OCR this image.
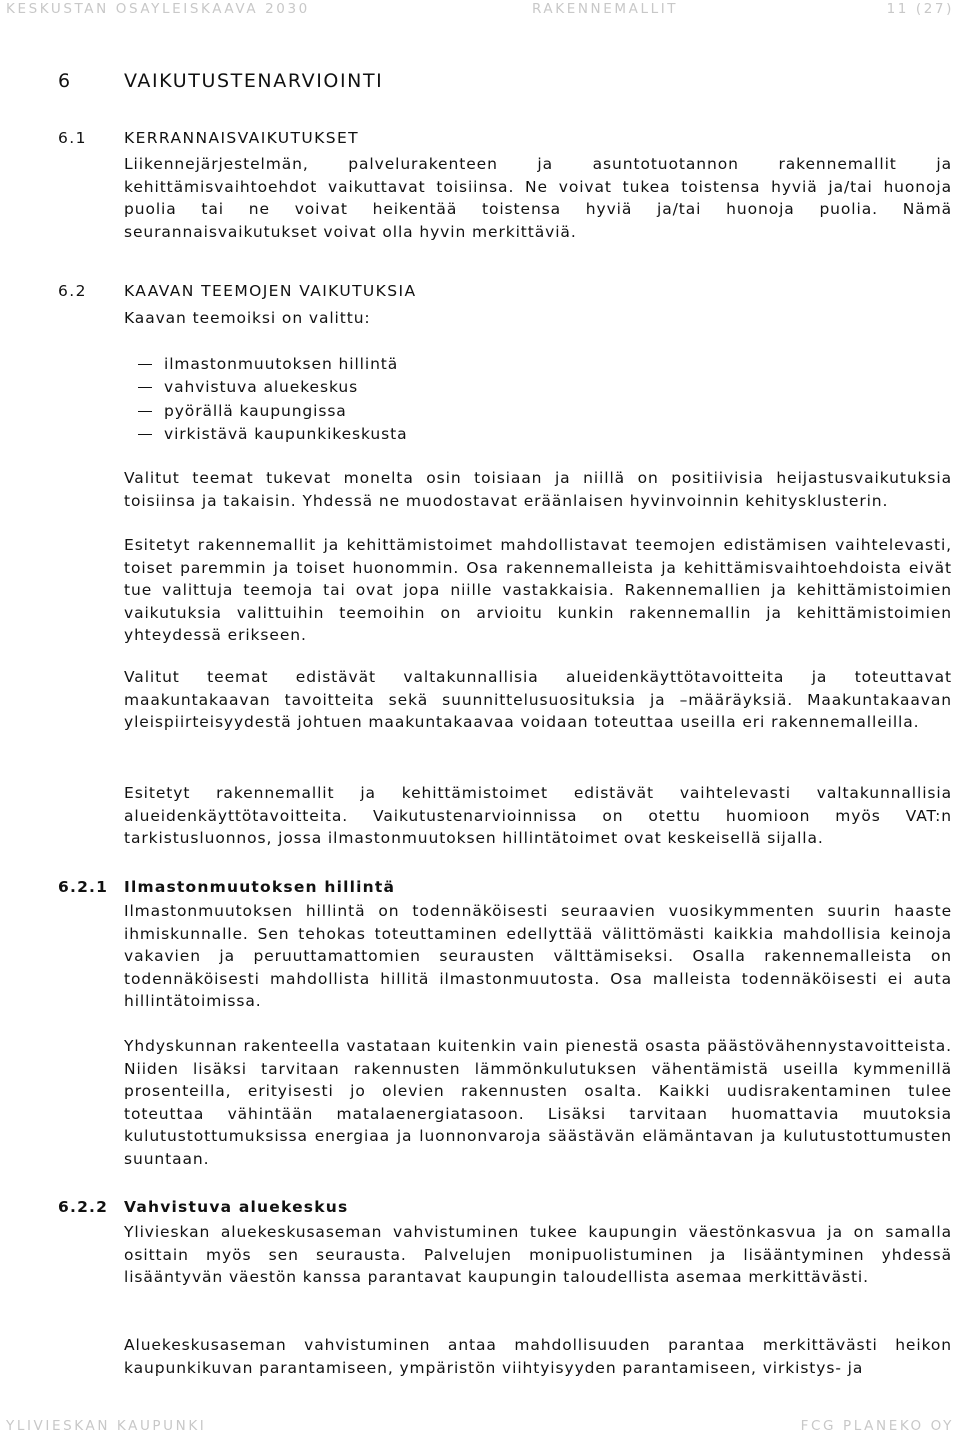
KESKUSTAN OSAYLEISKAAVA 2030	RAKENNEMALLIT	11 (27)
6	VAIKUTUSTENARVIOINTI
6.1 KERRANNAISVAIKUTUKSET

Liikennejärjestelmän, palvelurakenteen ja asuntotuotannon rakennemallit ja kehittämisvaihtoehdot vaikuttavat toisiinsa. Ne voivat tukea toistensa hyviä ja/tai huonoja puolia tai ne voivat heikentää toistensa hyviä ja/tai huonoja puolia. Nämä seurannaisvaikutukset voivat olla hyvin merkittäviä.

6.2 KAAVAN TEEMOJEN VAIKUTUKSIA

Kaavan teemoiksi on valittu:

ilmastonmuutoksen hillintä
vahvistuva aluekeskus
pyörällä kaupungissa
virkistävä kaupunkikeskusta

Valitut teemat tukevat monelta osin toisiaan ja niillä on positiivisia heijastusvaikutuksia toisiinsa ja takaisin. Yhdessä ne muodostavat eräänlaisen hyvinvoinnin kehitysklusterin.

Esitetyt rakennemallit ja kehittämistoimet mahdollistavat teemojen edistämisen vaihtelevasti, toiset paremmin ja toiset huonommin. Osa rakennemalleista ja kehittämisvaihtoehdoista eivät tue valittuja teemoja tai ovat jopa niille vastakkaisia. Rakennemallien ja kehittämistoimien vaikutuksia valittuihin teemoihin on arvioitu kunkin rakennemallin ja kehittämistoimien yhteydessä erikseen.

Valitut teemat edistävät valtakunnallisia alueidenkäyttötavoitteita ja toteuttavat maakuntakaavan tavoitteita sekä suunnittelusuosituksia ja –määräyksiä. Maakuntakaavan yleispiirteisyydestä johtuen maakuntakaavaa voidaan toteuttaa useilla eri rakennemalleilla.

Esitetyt rakennemallit ja kehittämistoimet edistävät vaihtelevasti valtakunnallisia alueidenkäyttötavoitteita. Vaikutustenarvioinnissa on otettu huomioon myös VAT:n tarkistusluonnos, jossa ilmastonmuutoksen hillintätoimet ovat keskeisellä sijalla.

6.2.1 Ilmastonmuutoksen hillintä

Ilmastonmuutoksen hillintä on todennäköisesti seuraavien vuosikymmenten suurin haaste ihmiskunnalle. Sen tehokas toteuttaminen edellyttää välittömästi kaikkia mahdollisia keinoja vakavien ja peruuttamattomien seurausten välttämiseksi. Osalla rakennemalleista on todennäköisesti mahdollista hillitä ilmastonmuutosta. Osa malleista todennäköisesti ei auta hillintätoimissa.

Yhdyskunnan rakenteella vastataan kuitenkin vain pienestä osasta päästövähennystavoitteista. Niiden lisäksi tarvitaan rakennusten lämmönkulutuksen vähentämistä useilla kymmenillä prosenteilla, erityisesti jo olevien rakennusten osalta. Kaikki uudisrakentaminen tulee toteuttaa vähintään matalaenergiatasoon. Lisäksi tarvitaan huomattavia muutoksia kulutustottumuksissa energiaa ja luonnonvaroja säästävän elämäntavan ja kulutustottumusten suuntaan.

6.2.2 Vahvistuva aluekeskus

Ylivieskan aluekeskusaseman vahvistuminen tukee kaupungin väestönkasvua ja on samalla osittain myös sen seurausta. Palvelujen monipuolistuminen ja lisääntyminen yhdessä lisääntyvän väestön kanssa parantavat kaupungin taloudellista asemaa merkittävästi.

Aluekeskusaseman vahvistuminen antaa mahdollisuuden parantaa merkittävästi heikon kaupunkikuvan parantamiseen, ympäristön viihtyisyyden parantamiseen, virkistys- ja

YLIVIESKAN KAUPUNKI	FCG PLANEKO OY
